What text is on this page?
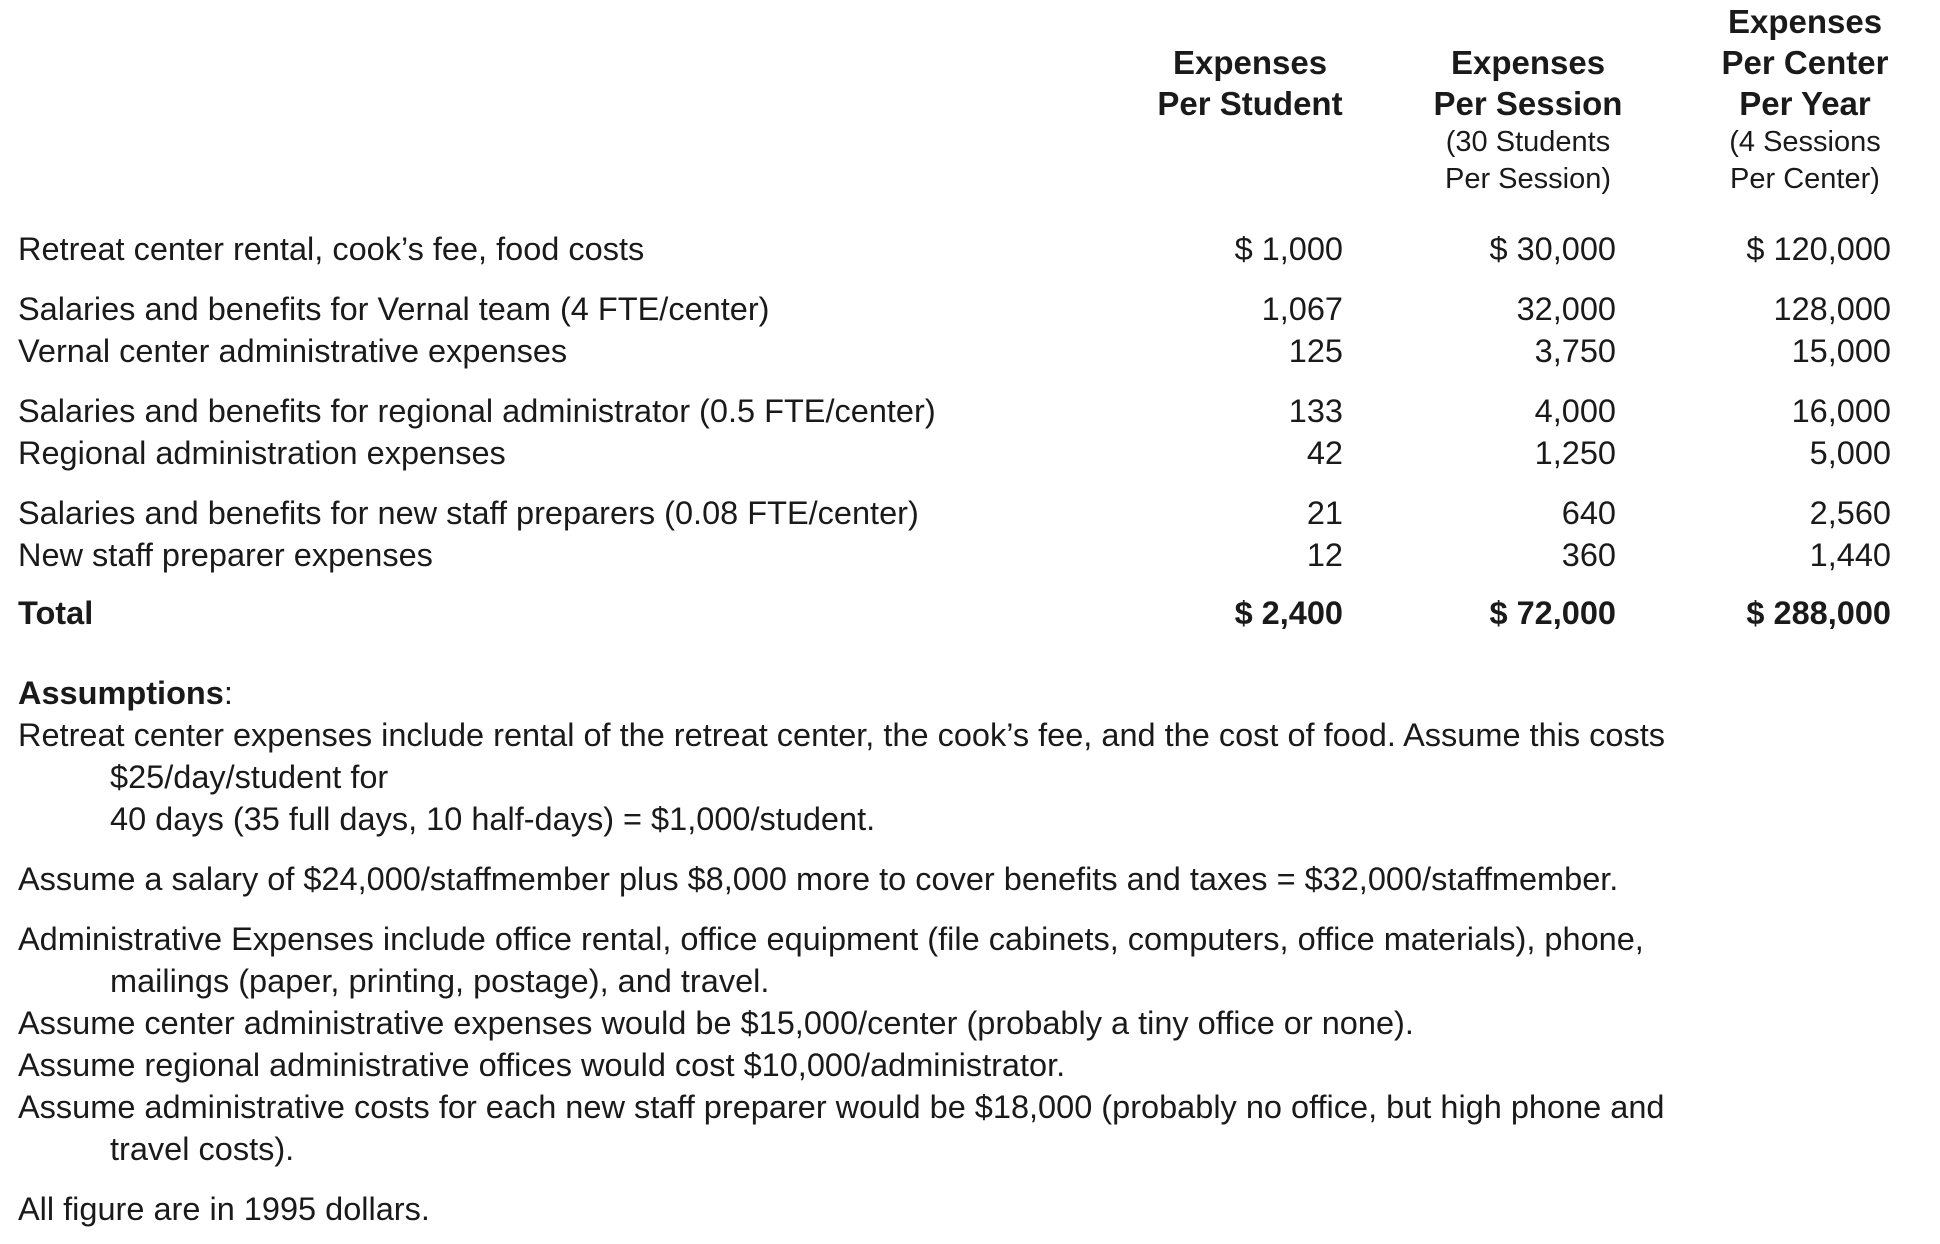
Expenses
Per Student
Expenses
Per Session
(30 Students
Per Session)
Expenses
Per Center
Per Year
(4 Sessions
Per Center)
Retreat center rental, cook’s fee, food costs	$ 1,000	$ 30,000	$ 120,000
Salaries and benefits for Vernal team (4 FTE/center)	1,067	32,000	128,000
Vernal center administrative expenses	125	3,750	15,000
Salaries and benefits for regional administrator (0.5 FTE/center)	133	4,000	16,000
Regional administration expenses	42	1,250	5,000
Salaries and benefits for new staff preparers (0.08 FTE/center)	21	640	2,560
New staff preparer expenses	12	360	1,440
Total	$ 2,400	$ 72,000	$ 288,000

Assumptions:

Retreat center expenses include rental of the retreat center, the cook’s fee, and the cost of food. Assume this costs

$25/day/student for

40 days (35 full days, 10 half-days) = $1,000/student.

Assume a salary of $24,000/staffmember plus $8,000 more to cover benefits and taxes = $32,000/staffmember.

Administrative Expenses include office rental, office equipment (file cabinets, computers, office materials), phone,

mailings (paper, printing, postage), and travel.

Assume center administrative expenses would be $15,000/center (probably a tiny office or none).

Assume regional administrative offices would cost $10,000/administrator.

Assume administrative costs for each new staff preparer would be $18,000 (probably no office, but high phone and

travel costs).

All figure are in 1995 dollars.
